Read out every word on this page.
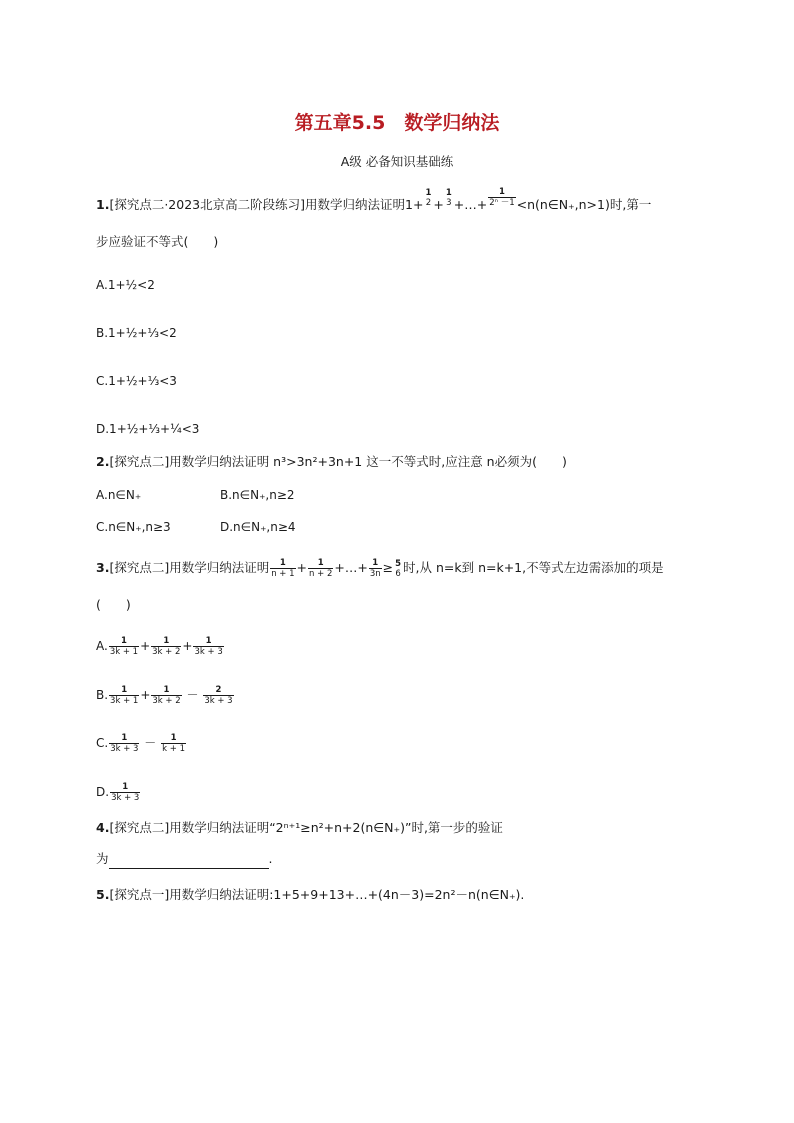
第五章5.5　数学归纳法
A级 必备知识基础练
1.[探究点二·2023北京高二阶段练习]用数学归纳法证明1+
1
2 +
1
3 +…+ $\frac{1}{\text{2ⁿ －1}}$ <n(n∈N₊,n>1)时,第一
步应验证不等式(　　)
A.1+½<2
B.1+½+⅓<2
C.1+½+⅓<3
D.1+½+⅓+¼<3
2.[探究点二]用数学归纳法证明 n³>3n²+3n+1 这一不等式时,应注意 n必须为(　　)
A.n∈N₊	B.n∈N₊,n≥2
C.n∈N₊,n≥3	D.n∈N₊,n≥4
3.[探究点二]用数学归纳法证明 $\frac{1}{n + 1} + \frac{1}{n + 2}$ +…+ $\frac{1}{3n} \ge 5$
6 时,从 n=k到 n=k+1,不等式左边需添加的项是
(　　)
A. $\frac{1}{3k + 1} + \frac{1}{3k + 2} + \frac{1}{3k + 3}$
B. $\frac{1}{3k + 1} + \frac{1}{3k + 2} - \frac{2}{3k + 3}$
C. $\frac{1}{3k + 3} - \frac{1}{k + 1}$
D. $\frac{1}{3k + 3}$
4.[探究点二]用数学归纳法证明“2ⁿ⁺¹≥n²+n+2(n∈N₊)”时,第一步的验证
为	.
5.[探究点一]用数学归纳法证明:1+5+9+13+…+(4n－3)=2n²－n(n∈N₊).
